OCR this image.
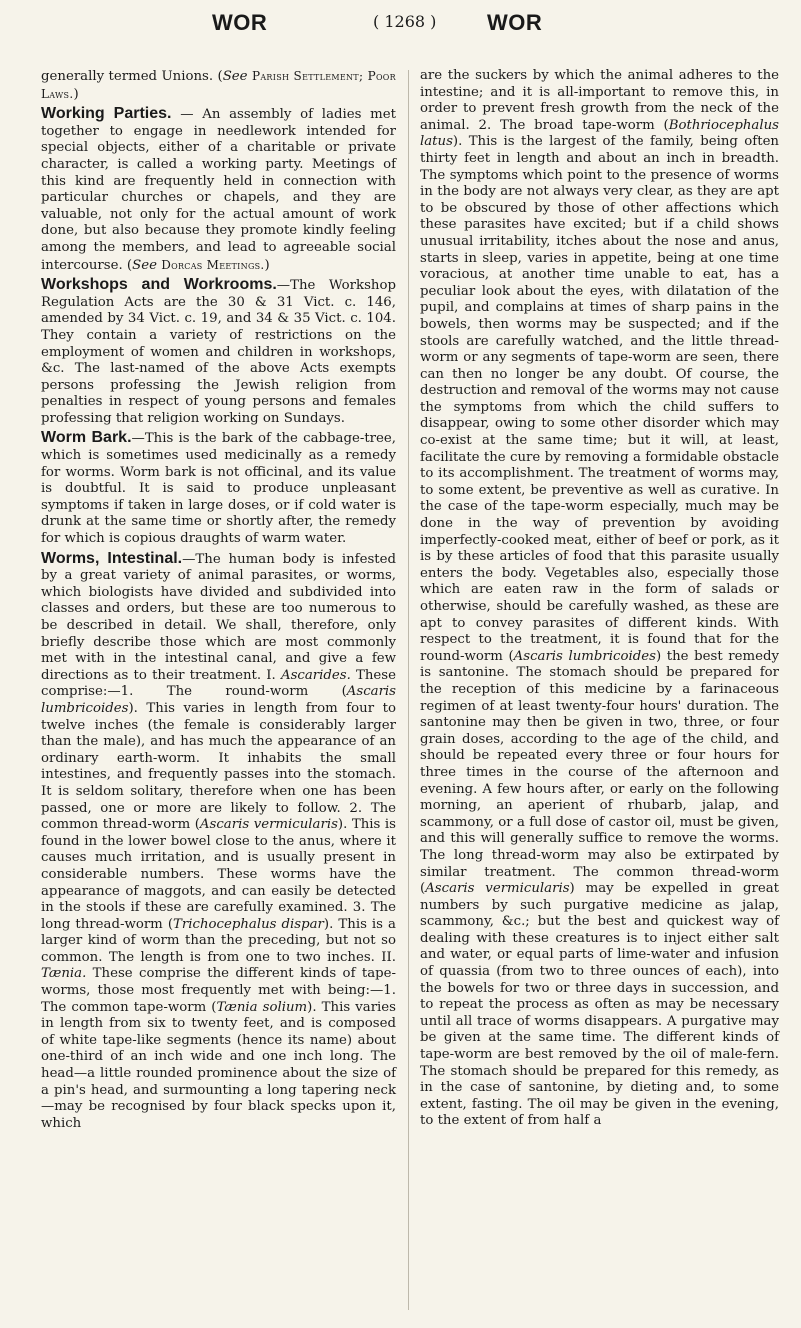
WOR	( 1268 ) WOR

generally termed Unions. (See Parish Settlement; Poor Laws.)

Working Parties. — An assembly of ladies met together to engage in needlework intended for special objects, either of a charitable or private character, is called a working party. Meetings of this kind are frequently held in connection with particular churches or chapels, and they are valuable, not only for the actual amount of work done, but also because they promote kindly feeling among the members, and lead to agreeable social intercourse. (See Dorcas Meetings.)

Workshops and Workrooms.—The Workshop Regulation Acts are the 30 & 31 Vict. c. 146, amended by 34 Vict. c. 19, and 34 & 35 Vict. c. 104. They contain a variety of restrictions on the employment of women and children in workshops, &c. The last-named of the above Acts exempts persons professing the Jewish religion from penalties in respect of young persons and females professing that religion working on Sundays.

Worm Bark.—This is the bark of the cabbage-tree, which is sometimes used medicinally as a remedy for worms. Worm bark is not officinal, and its value is doubtful. It is said to produce unpleasant symptoms if taken in large doses, or if cold water is drunk at the same time or shortly after, the remedy for which is copious draughts of warm water.

Worms, Intestinal.—The human body is infested by a great variety of animal parasites, or worms, which biologists have divided and subdivided into classes and orders, but these are too numerous to be described in detail. We shall, therefore, only briefly describe those which are most commonly met with in the intestinal canal, and give a few directions as to their treatment. I. Ascarides. These comprise:—1. The round-worm (Ascaris lumbricoides). This varies in length from four to twelve inches (the female is considerably larger than the male), and has much the appearance of an ordinary earth-worm. It inhabits the small intestines, and frequently passes into the stomach. It is seldom solitary, therefore when one has been passed, one or more are likely to follow. 2. The common thread-worm (Ascaris vermicularis). This is found in the lower bowel close to the anus, where it causes much irritation, and is usually present in considerable numbers. These worms have the appearance of maggots, and can easily be detected in the stools if these are carefully examined. 3. The long thread-worm (Trichocephalus dispar). This is a larger kind of worm than the preceding, but not so common. The length is from one to two inches. II. Tænia. These comprise the different kinds of tape-worms, those most frequently met with being:—1. The common tape-worm (Tænia solium). This varies in length from six to twenty feet, and is composed of white tape-like segments (hence its name) about one-third of an inch wide and one inch long. The head—a little rounded prominence about the size of a pin's head, and surmounting a long tapering neck—may be recognised by four black specks upon it, which

are the suckers by which the animal adheres to the intestine; and it is all-important to remove this, in order to prevent fresh growth from the neck of the animal. 2. The broad tape-worm (Bothriocephalus latus). This is the largest of the family, being often thirty feet in length and about an inch in breadth. The symptoms which point to the presence of worms in the body are not always very clear, as they are apt to be obscured by those of other affections which these parasites have excited; but if a child shows unusual irritability, itches about the nose and anus, starts in sleep, varies in appetite, being at one time voracious, at another time unable to eat, has a peculiar look about the eyes, with dilatation of the pupil, and complains at times of sharp pains in the bowels, then worms may be suspected; and if the stools are carefully watched, and the little thread-worm or any segments of tape-worm are seen, there can then no longer be any doubt. Of course, the destruction and removal of the worms may not cause the symptoms from which the child suffers to disappear, owing to some other disorder which may co-exist at the same time; but it will, at least, facilitate the cure by removing a formidable obstacle to its accomplishment. The treatment of worms may, to some extent, be preventive as well as curative. In the case of the tape-worm especially, much may be done in the way of prevention by avoiding imperfectly-cooked meat, either of beef or pork, as it is by these articles of food that this parasite usually enters the body. Vegetables also, especially those which are eaten raw in the form of salads or otherwise, should be carefully washed, as these are apt to convey parasites of different kinds. With respect to the treatment, it is found that for the round-worm (Ascaris lumbricoides) the best remedy is santonine. The stomach should be prepared for the reception of this medicine by a farinaceous regimen of at least twenty-four hours' duration. The santonine may then be given in two, three, or four grain doses, according to the age of the child, and should be repeated every three or four hours for three times in the course of the afternoon and evening. A few hours after, or early on the following morning, an aperient of rhubarb, jalap, and scammony, or a full dose of castor oil, must be given, and this will generally suffice to remove the worms. The long thread-worm may also be extirpated by similar treatment. The common thread-worm (Ascaris vermicularis) may be expelled in great numbers by such purgative medicine as jalap, scammony, &c.; but the best and quickest way of dealing with these creatures is to inject either salt and water, or equal parts of lime-water and infusion of quassia (from two to three ounces of each), into the bowels for two or three days in succession, and to repeat the process as often as may be necessary until all trace of worms disappears. A purgative may be given at the same time. The different kinds of tape-worm are best removed by the oil of male-fern. The stomach should be prepared for this remedy, as in the case of santonine, by dieting and, to some extent, fasting. The oil may be given in the evening, to the extent of from half a
